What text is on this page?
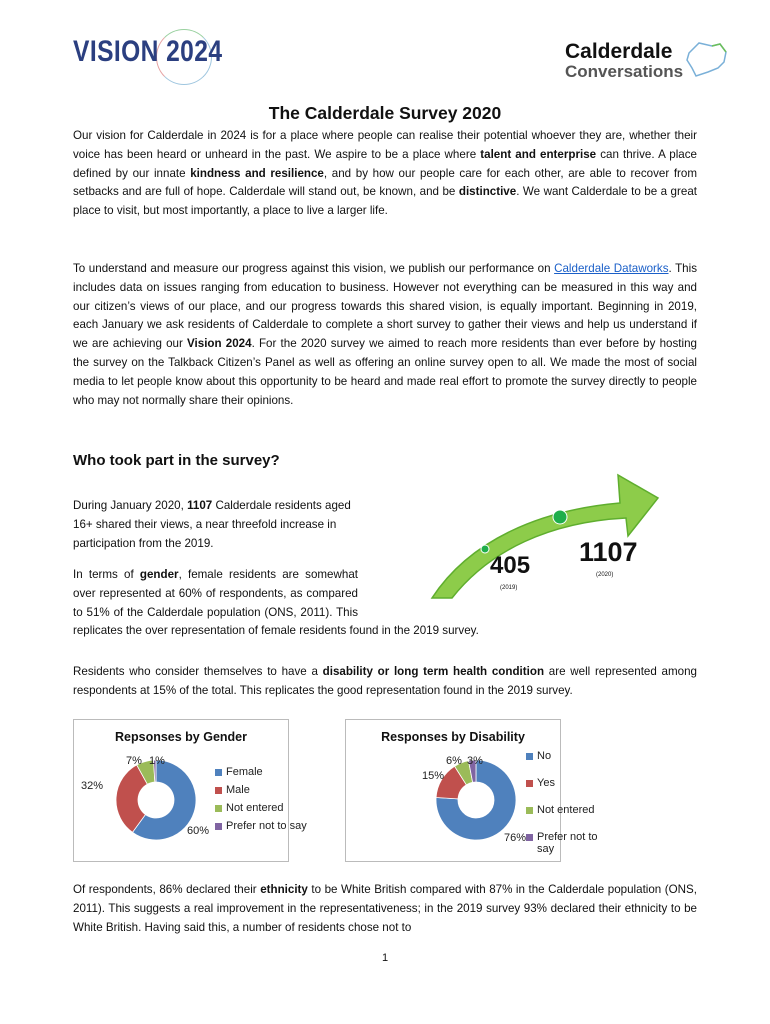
VISION 2024	Calderdale
Conversations
The Calderdale Survey 2020
Our vision for Calderdale in 2024 is for a place where people can realise their potential whoever they are, whether their voice has been heard or unheard in the past. We aspire to be a place where talent and enterprise can thrive. A place defined by our innate kindness and resilience, and by how our people care for each other, are able to recover from setbacks and are full of hope. Calderdale will stand out, be known, and be distinctive. We want Calderdale to be a great place to visit, but most importantly, a place to live a larger life.
To understand and measure our progress against this vision, we publish our performance on Calderdale Dataworks. This includes data on issues ranging from education to business. However not everything can be measured in this way and our citizen’s views of our place, and our progress towards this shared vision, is equally important. Beginning in 2019, each January we ask residents of Calderdale to complete a short survey to gather their views and help us understand if we are achieving our Vision 2024. For the 2020 survey we aimed to reach more residents than ever before by hosting the survey on the Talkback Citizen’s Panel as well as offering an online survey open to all. We made the most of social media to let people know about this opportunity to be heard and made real effort to promote the survey directly to people who may not normally share their opinions.
Who took part in the survey?
During January 2020, 1107 Calderdale residents aged 16+ shared their views, a near threefold increase in participation from the 2019.
In terms of gender, female residents are somewhat over represented at 60% of respondents, as compared to 51% of the Calderdale population (ONS, 2011). This replicates the over representation of female residents found in the 2019 survey.
405
(2019)
1107
(2020)
Residents who consider themselves to have a disability or long term health condition are well represented among respondents at 15% of the total. This replicates the good representation found in the 2019 survey.
Repsonses by Gender
60%
32%
7% 1%
Female
Male
Not entered
Prefer not to say
Responses by Disability
76%
15%
6% 3%	No
Yes
Not entered
Prefer not to say
Of respondents, 86% declared their ethnicity to be White British compared with 87% in the Calderdale population (ONS, 2011). This suggests a real improvement in the representativeness; in the 2019 survey 93% declared their ethnicity to be White British. Having said this, a number of residents chose not to
1
